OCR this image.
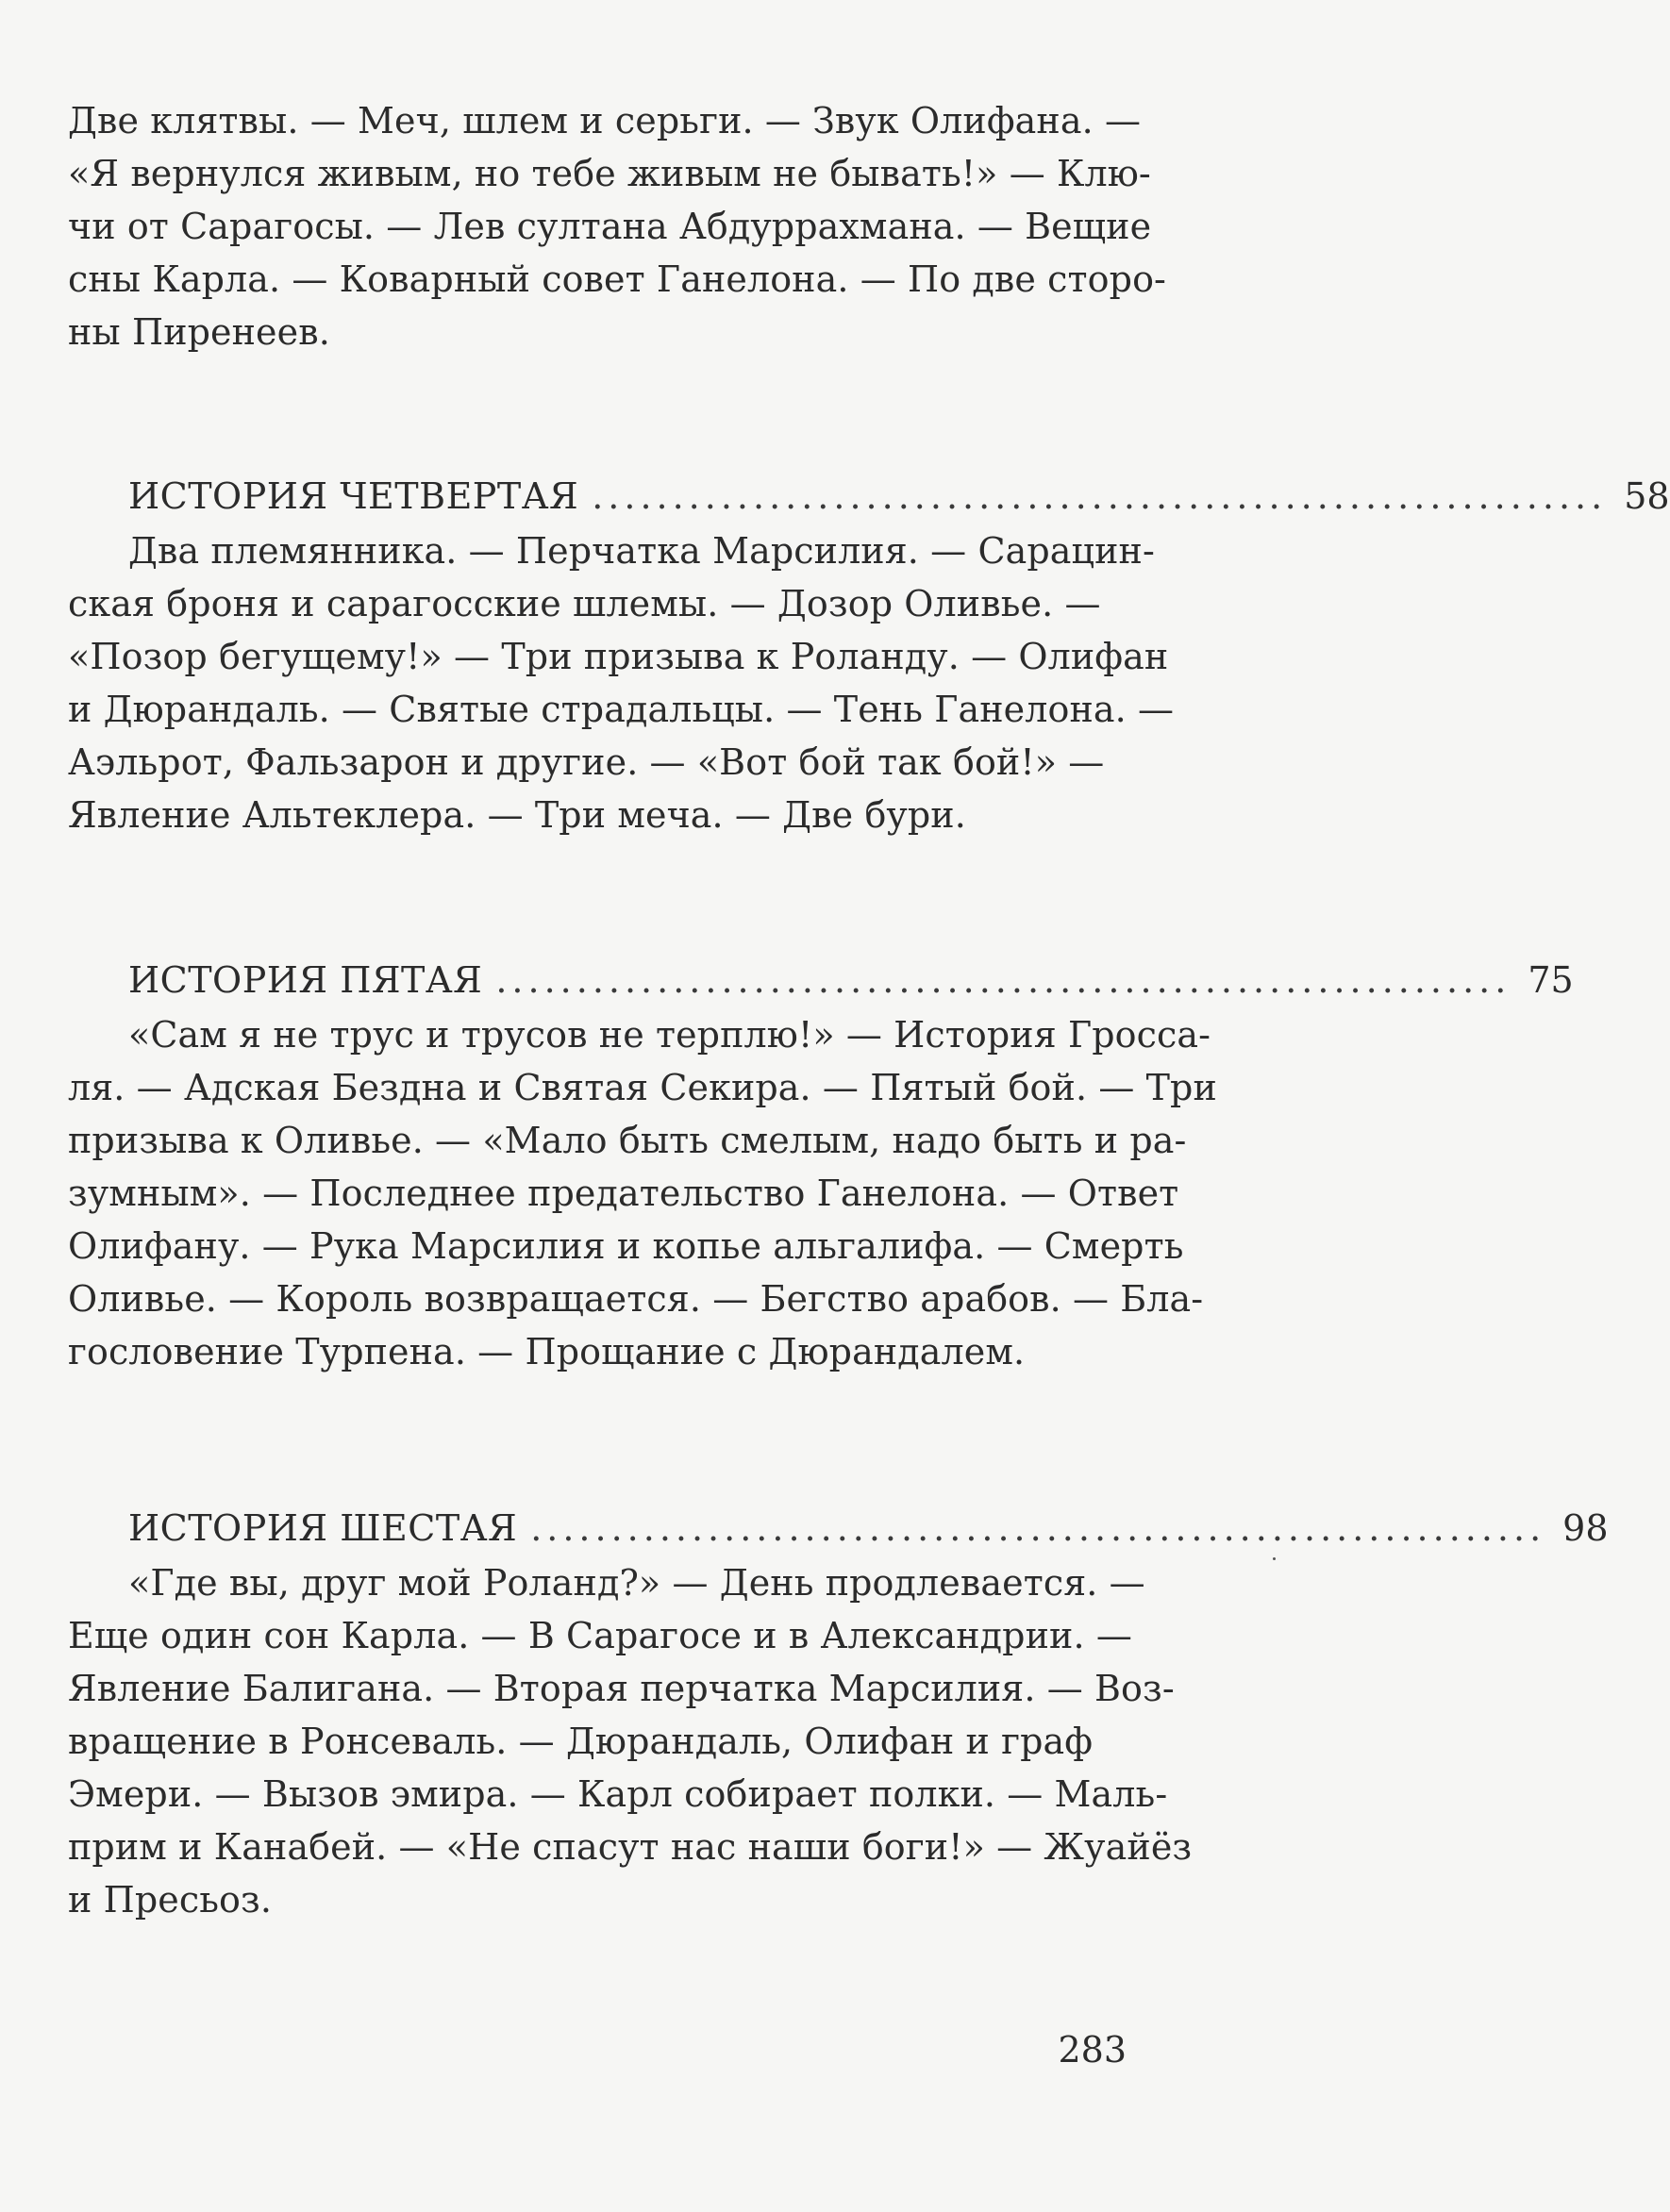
Две клятвы. — Меч, шлем и серьги. — Звук Олифана. —
«Я вернулся живым, но тебе живым не бывать!» — Клю-
чи от Сарагосы. — Лев султана Абдуррахмана. — Вещие
сны Карла. — Коварный совет Ганелона. — По две сторо-
ны Пиренеев.
ИСТОРИЯ ЧЕТВЕРТАЯ ............................................................... 58
Два племянника. — Перчатка Марсилия. — Сарацин-
ская броня и сарагосские шлемы. — Дозор Оливье. —
«Позор бегущему!» — Три призыва к Роланду. — Олифан
и Дюрандаль. — Святые страдальцы. — Тень Ганелона. —
Аэльрот, Фальзарон и другие. — «Вот бой так бой!» —
Явление Альтеклера. — Три меча. — Две бури.
ИСТОРИЯ ПЯТАЯ ............................................................... 75
«Сам я не трус и трусов не терплю!» — История Гросса-
ля. — Адская Бездна и Святая Секира. — Пятый бой. — Три
призыва к Оливье. — «Мало быть смелым, надо быть и ра-
зумным». — Последнее предательство Ганелона. — Ответ
Олифану. — Рука Марсилия и копье альгалифа. — Смерть
Оливье. — Король возвращается. — Бегство арабов. — Бла-
гословение Турпена. — Прощание с Дюрандалем.
ИСТОРИЯ ШЕСТАЯ ............................................................... 98
«Где вы, друг мой Роланд?» — День продлевается. —
Еще один сон Карла. — В Сарагосе и в Александрии. —
Явление Балигана. — Вторая перчатка Марсилия. — Воз-
вращение в Ронсеваль. — Дюрандаль, Олифан и граф
Эмери. — Вызов эмира. — Карл собирает полки. — Маль-
прим и Канабей. — «Не спасут нас наши боги!» — Жуайёз
и Пресьоз.
283
